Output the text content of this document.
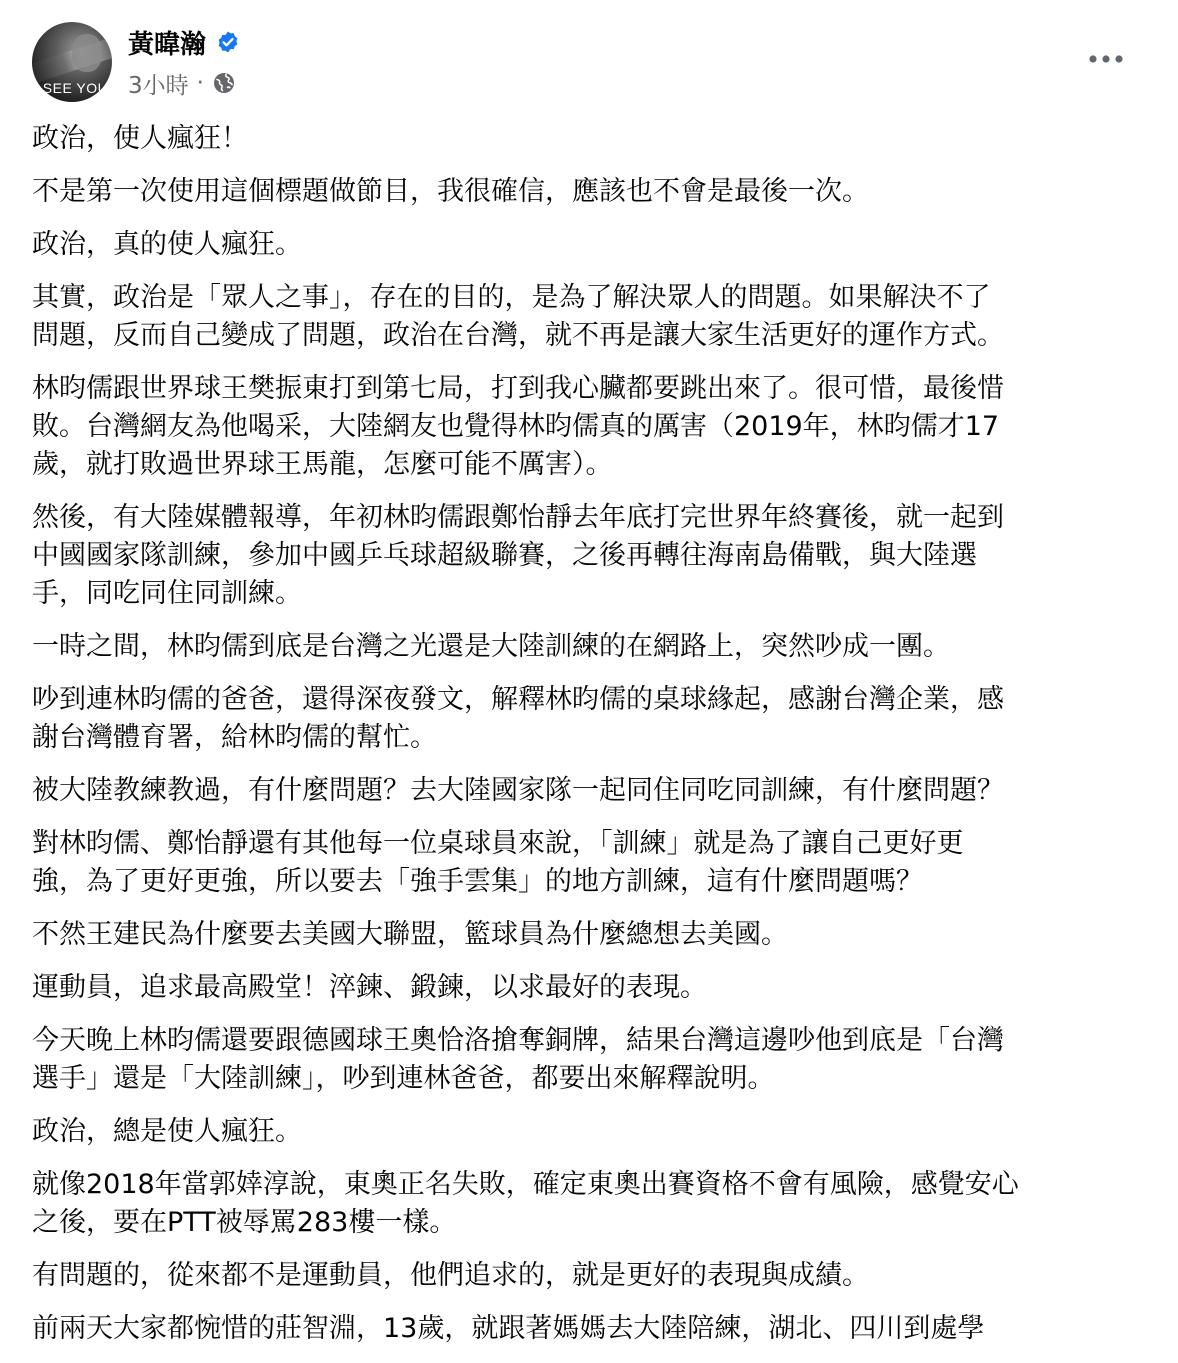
I SEE YOU
黃暐瀚
3小時 ·

政治，使人瘋狂！

不是第一次使用這個標題做節目，我很確信，應該也不會是最後一次。

政治，真的使人瘋狂。

其實，政治是「眾人之事」，存在的目的，是為了解決眾人的問題。如果解決不了
問題，反而自己變成了問題，政治在台灣，就不再是讓大家生活更好的運作方式。

林昀儒跟世界球王樊振東打到第七局，打到我心臟都要跳出來了。很可惜，最後惜
敗。台灣網友為他喝采，大陸網友也覺得林昀儒真的厲害（2019年，林昀儒才17
歲，就打敗過世界球王馬龍，怎麼可能不厲害）。

然後，有大陸媒體報導，年初林昀儒跟鄭怡靜去年底打完世界年終賽後，就一起到
中國國家隊訓練，參加中國乒乓球超級聯賽，之後再轉往海南島備戰，與大陸選
手，同吃同住同訓練。

一時之間，林昀儒到底是台灣之光還是大陸訓練的在網路上，突然吵成一團。

吵到連林昀儒的爸爸，還得深夜發文，解釋林昀儒的桌球緣起，感謝台灣企業，感
謝台灣體育署，給林昀儒的幫忙。

被大陸教練教過，有什麼問題？去大陸國家隊一起同住同吃同訓練，有什麼問題？

對林昀儒、鄭怡靜還有其他每一位桌球員來說，「訓練」就是為了讓自己更好更
強，為了更好更強，所以要去「強手雲集」的地方訓練，這有什麼問題嗎？

不然王建民為什麼要去美國大聯盟，籃球員為什麼總想去美國。

運動員，追求最高殿堂！淬鍊、鍛鍊，以求最好的表現。

今天晚上林昀儒還要跟德國球王奧恰洛搶奪銅牌，結果台灣這邊吵他到底是「台灣
選手」還是「大陸訓練」，吵到連林爸爸，都要出來解釋說明。

政治，總是使人瘋狂。

就像2018年當郭婞淳說，東奧正名失敗，確定東奧出賽資格不會有風險，感覺安心
之後，要在PTT被辱罵283樓一樣。

有問題的，從來都不是運動員，他們追求的，就是更好的表現與成績。

前兩天大家都惋惜的莊智淵，13歲，就跟著媽媽去大陸陪練，湖北、四川到處學
